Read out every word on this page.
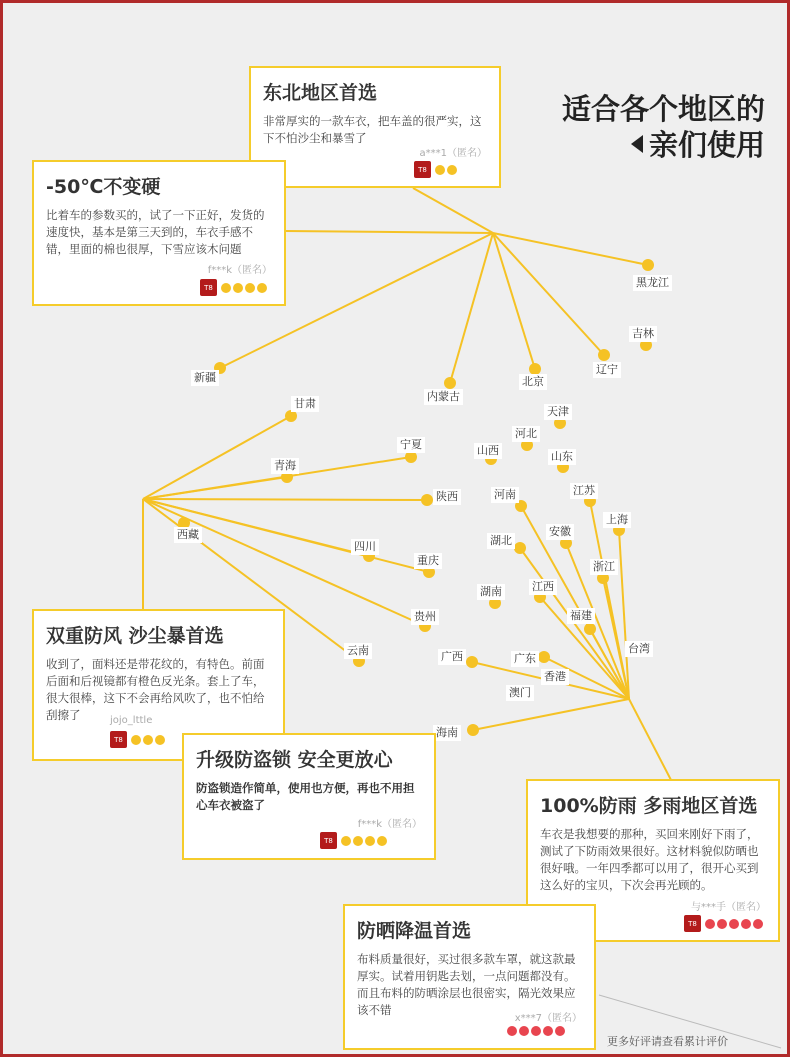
适合各个地区的
亲们使用
黑龙江
吉林
辽宁
北京
内蒙古
新疆
甘肃
宁夏
青海
陕西
山西
河北
天津
山东
河南	江苏
上海
安徽
湖北
浙江
湖南	江西
福建
台湾
西藏
四川
重庆
贵州
云南	广西	广东
香港
澳门
海南
东北地区首选
非常厚实的一款车衣，把车盖的很严实，这下不怕沙尘和暴雪了
a***1（匿名）
T8
-50℃不变硬
比着车的参数买的，试了一下正好，发货的速度快，基本是第三天到的，车衣手感不错，里面的棉也很厚，下雪应该木问题
f***k（匿名）
T8
双重防风 沙尘暴首选
收到了，面料还是带花纹的，有特色。前面后面和后视镜都有橙色反光条。套上了车，很大很棒，这下不会再给风吹了，也不怕给刮擦了	jojo_lttle
T8
升级防盗锁 安全更放心
防盗锁造作简单，使用也方便，再也不用担心车衣被盗了
f***k（匿名）
T8
100%防雨 多雨地区首选
车衣是我想要的那种，买回来刚好下雨了，测试了下防雨效果很好。这材料貌似防晒也很好哦。一年四季都可以用了，很开心买到这么好的宝贝，下次会再光顾的。
与***手（匿名）
T8
防晒降温首选
布料质量很好，买过很多款车罩，就这款最厚实。试着用钥匙去划，一点问题都没有。而且布料的防晒涂层也很密实，隔光效果应该不错
x***7（匿名）
更多好评请查看累计评价
